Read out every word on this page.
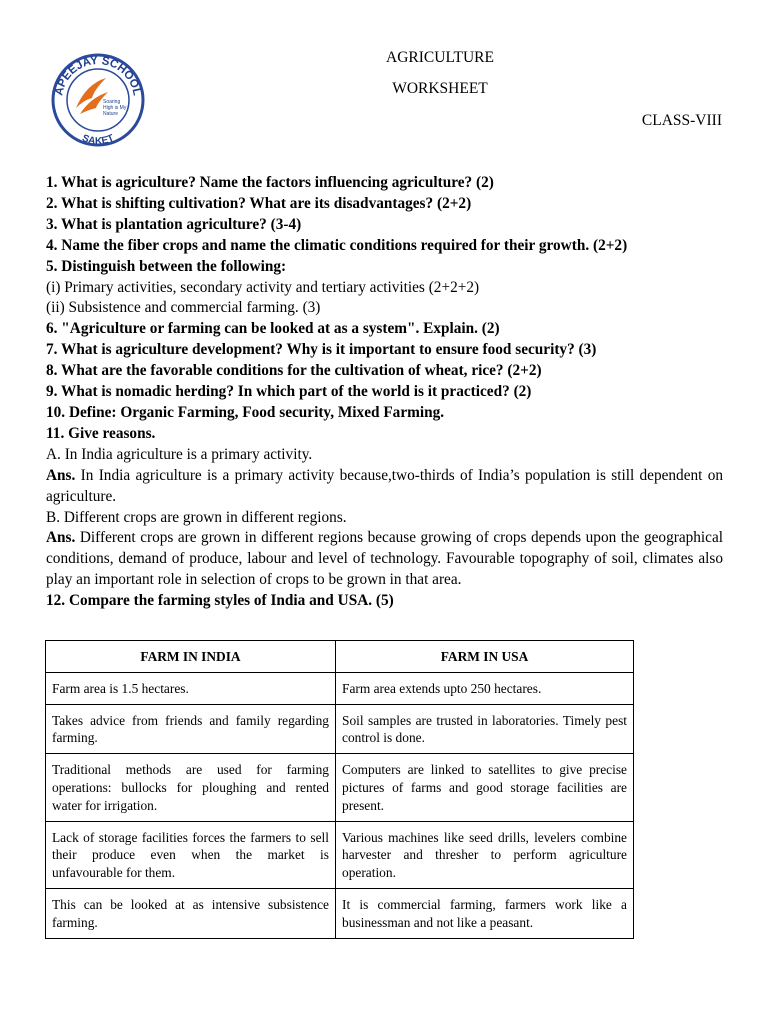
APEEJAY SCHOOL
SAKET
Soaring
High is My
Nature
AGRICULTURE
WORKSHEET
CLASS-VIII

1. What is agriculture? Name the factors influencing agriculture? (2)

2. What is shifting cultivation? What are its disadvantages? (2+2)

3. What is plantation agriculture? (3-4)

4. Name the fiber crops and name the climatic conditions required for their growth. (2+2)

5. Distinguish between the following:

(i) Primary activities, secondary activity and tertiary activities (2+2+2)

(ii) Subsistence and commercial farming. (3)

6. "Agriculture or farming can be looked at as a system". Explain. (2)

7. What is agriculture development? Why is it important to ensure food security? (3)

8. What are the favorable conditions for the cultivation of wheat, rice? (2+2)

9. What is nomadic herding? In which part of the world is it practiced? (2)

10. Define: Organic Farming, Food security, Mixed Farming.

11. Give reasons.

A. In India agriculture is a primary activity.

Ans. In India agriculture is a primary activity because,two-thirds of India’s population is still dependent on agriculture.

B. Different crops are grown in different regions.

Ans. Different crops are grown in different regions because growing of crops depends upon the geographical conditions, demand of produce, labour and level of technology. Favourable topography of soil, climates also play an important role in selection of crops to be grown in that area.

12. Compare the farming styles of India and USA. (5)

FARM IN INDIA	FARM IN USA
Farm area is 1.5 hectares.	Farm area extends upto 250 hectares.
Takes advice from friends and family regarding farming.	Soil samples are trusted in laboratories. Timely pest control is done.
Traditional methods are used for farming operations: bullocks for ploughing and rented water for irrigation.	Computers are linked to satellites to give precise pictures of farms and good storage facilities are present.
Lack of storage facilities forces the farmers to sell their produce even when the market is unfavourable for them.	Various machines like seed drills, levelers combine harvester and thresher to perform agriculture operation.
This can be looked at as intensive subsistence farming.	It is commercial farming, farmers work like a businessman and not like a peasant.
